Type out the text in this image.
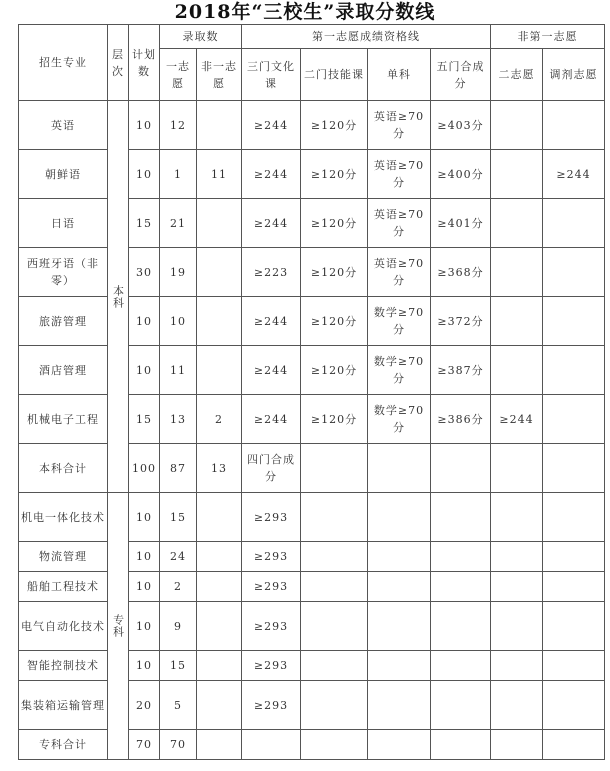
2018年“三校生”录取分数线
招生专业	层次	计划数	录取数		第一志愿成绩资格线				非第一志愿	
			一志愿	非一志愿	三门文化课	二门技能课	单科	五门合成分	二志愿	调剂志愿

英语	本科	10	12		≥244	≥120分	英语≥70分	≥403分		
朝鲜语		10	1	11	≥244	≥120分	英语≥70分	≥400分		≥244
日语		15	21		≥244	≥120分	英语≥70分	≥401分		
西班牙语（非零）		30	19		≥223	≥120分	英语≥70分	≥368分		
旅游管理		10	10		≥244	≥120分	数学≥70分	≥372分		
酒店管理		10	11		≥244	≥120分	数学≥70分	≥387分		
机械电子工程		15	13	2	≥244	≥120分	数学≥70分	≥386分	≥244	
本科合计		100	87	13	四门合成分					
机电一体化技术	专科	10	15		≥293					
物流管理		10	24		≥293					
船舶工程技术		10	2		≥293					
电气自动化技术		10	9		≥293					
智能控制技术		10	15		≥293					
集装箱运输管理		20	5		≥293					
专科合计		70	70							
